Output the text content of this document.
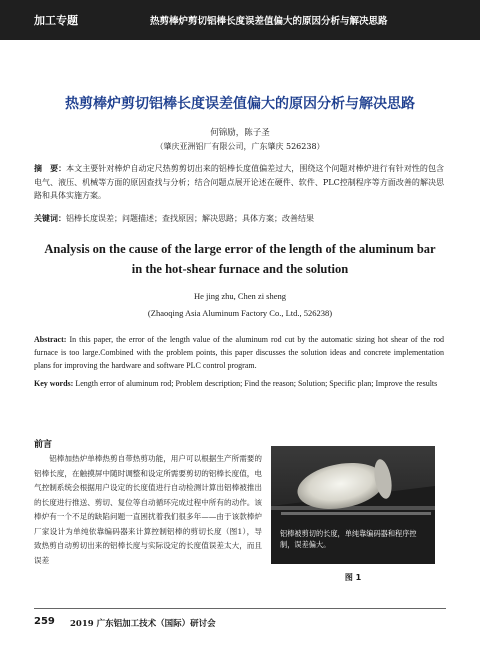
加工专题	热剪棒炉剪切铝棒长度误差值偏大的原因分析与解决思路
热剪棒炉剪切铝棒长度误差值偏大的原因分析与解决思路
何锦励，陈子圣
（肇庆亚洲铝厂有限公司，广东肇庆 526238）
摘　要：本文主要针对棒炉自动定尺热剪剪切出来的铝棒长度值偏差过大，围绕这个问题对棒炉进行有针对性的包含电气、液压、机械等方面的原因查找与分析；结合问题点展开论述在硬件、软件、PLC控制程序等方面改善的解决思路和具体实施方案。
关键词：铝棒长度误差；问题描述；查找原因；解决思路；具体方案；改善结果
Analysis on the cause of the large error of the length of the aluminum bar
in the hot-shear furnace and the solution
He jing zhu, Chen zi sheng
(Zhaoqing Asia Aluminum Factory Co., Ltd., 526238)
Abstract: In this paper, the error of the length value of the aluminum rod cut by the automatic sizing hot shear of the rod furnace is too large.Combined with the problem points, this paper discusses the solution ideas and concrete implementation plans for improving the hardware and software PLC control program.
Key words: Length error of aluminum rod; Problem description; Find the reason; Solution; Specific plan; Improve the results
前言
铝棒加热炉单棒热剪自带热剪功能，用户可以根据生产所需要的铝棒长度，在触摸屏中随时调整和设定所需要剪切的铝棒长度值，电气控制系统会根据用户设定的长度值进行自动检测计算出铝棒被推出的长度进行推送、剪切、复位等自动循环完成过程中所有的动作。该棒炉有一个不足的缺陷问题一直困扰着我们很多年——由于该款棒炉厂家设计为单纯依靠编码器来计算控制铝棒的剪切长度（图1），导致热剪自动剪切出来的铝棒长度与实际设定的长度值误差太大，而且误差
铝棒被剪切的长度，单纯靠编码器和程序控制，误差偏大。
图 1
259 2019 广东铝加工技术（国际）研讨会
